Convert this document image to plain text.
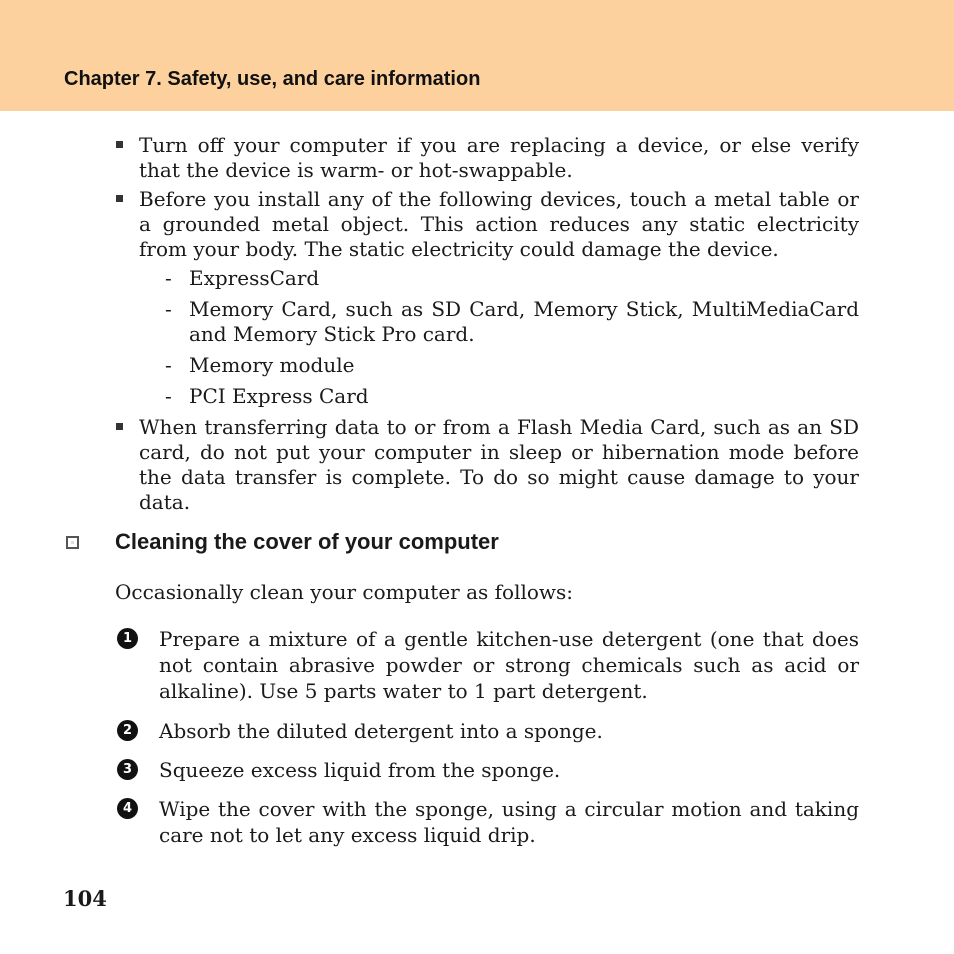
Chapter 7. Safety, use, and care information
Turn off your computer if you are replacing a device, or else verify that the device is warm- or hot-swappable.
Before you install any of the following devices, touch a metal table or a grounded metal object. This action reduces any static electricity from your body. The static electricity could damage the device.
- ExpressCard
- Memory Card, such as SD Card, Memory Stick, MultiMediaCard and Memory Stick Pro card.
- Memory module
- PCI Express Card
When transferring data to or from a Flash Media Card, such as an SD card, do not put your computer in sleep or hibernation mode before the data transfer is complete. To do so might cause damage to your data.
Cleaning the cover of your computer
Occasionally clean your computer as follows:
1 Prepare a mixture of a gentle kitchen-use detergent (one that does not contain abrasive powder or strong chemicals such as acid or alkaline). Use 5 parts water to 1 part detergent.
2 Absorb the diluted detergent into a sponge.
3 Squeeze excess liquid from the sponge.
4 Wipe the cover with the sponge, using a circular motion and taking care not to let any excess liquid drip.
104
